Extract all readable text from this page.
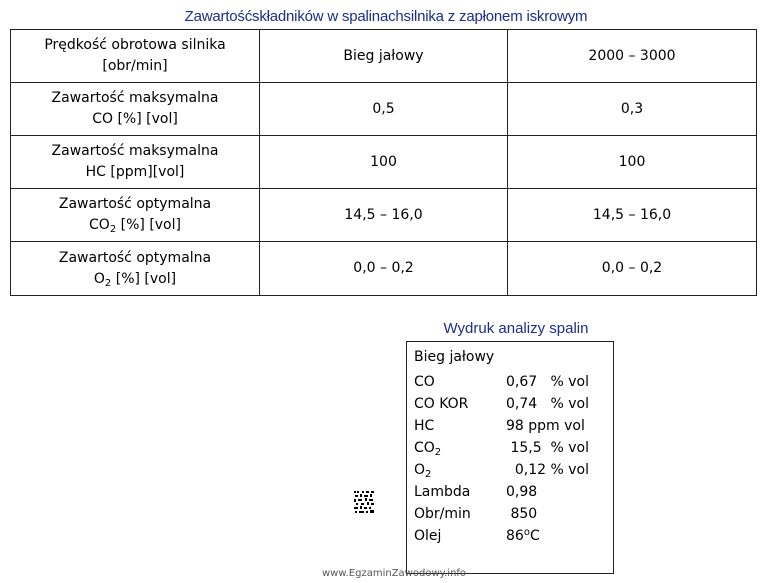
Zawartośćskładników w spalinachsilnika z zapłonem iskrowym
Prędkość obrotowa silnika
[obr/min]	Bieg jałowy	2000 – 3000

Zawartość maksymalna
CO [%] [vol]	0,5	0,3

Zawartość maksymalna
HC [ppm][vol]	100	100

Zawartość optymalna
$CO_2$ [%] [vol]	14,5 – 16,0	14,5 – 16,0

Zawartość optymalna
$O_2$ [%] [vol]	0,0 – 0,2	0,0 – 0,2
Wydruk analizy spalin
Bieg jałowy
CO	0,67   % vol
CO KOR	0,74   % vol
HC	98 ppm vol
$CO_2$	15,5  % vol
$O_2$	0,12 % vol
Lambda	0,98
Obr/min	850
Olej	86$^o$C
www.EgzaminZawodowy.info
